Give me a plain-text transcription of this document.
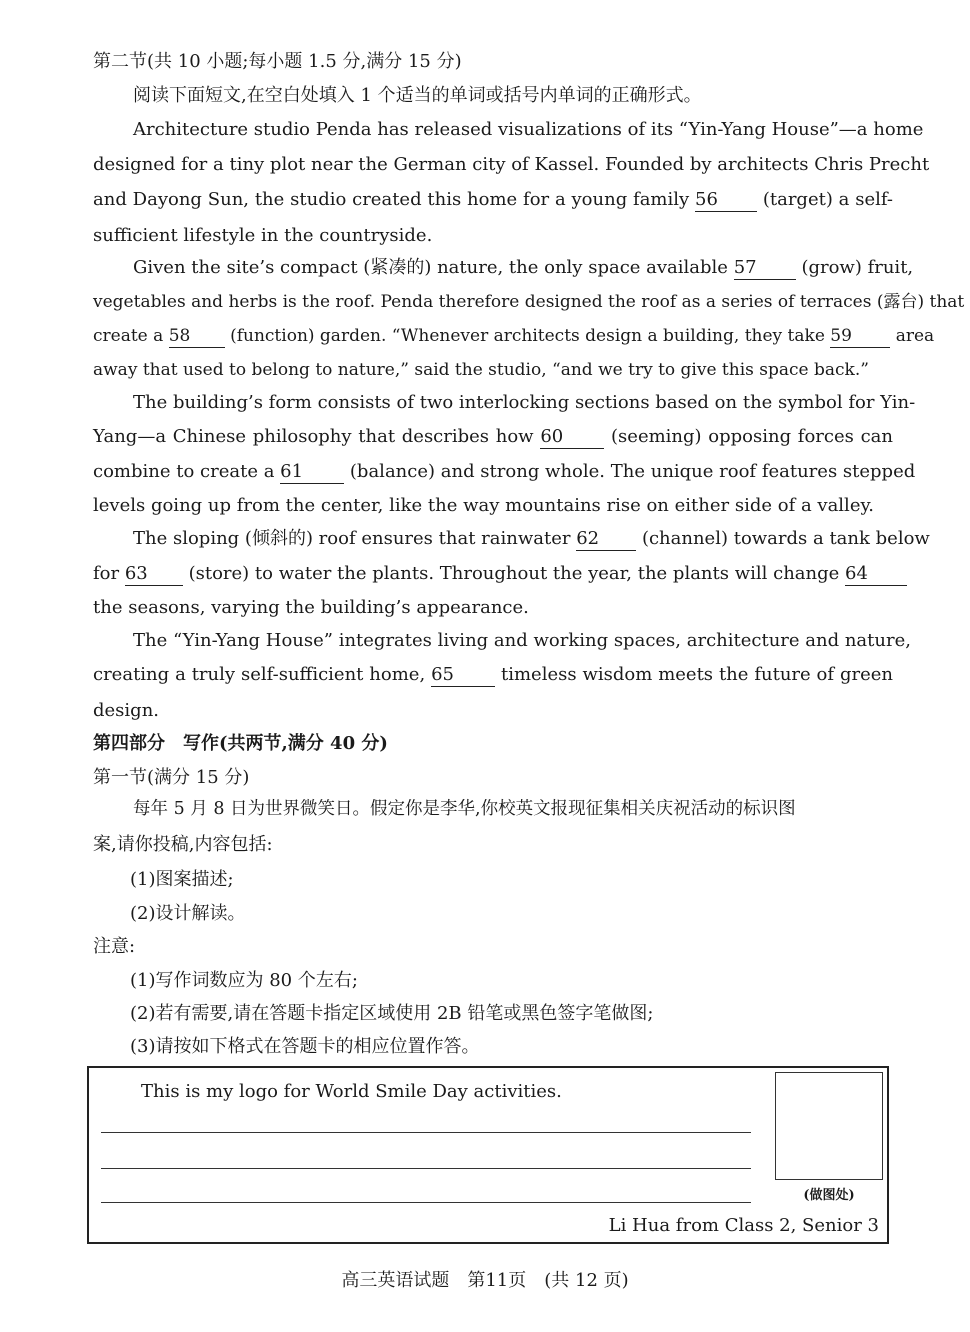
第二节(共 10 小题;每小题 1.5 分,满分 15 分)
阅读下面短文,在空白处填入 1 个适当的单词或括号内单词的正确形式。
Architecture studio Penda has released visualizations of its “Yin-Yang House”—a home
designed for a tiny plot near the German city of Kassel. Founded by architects Chris Precht
and Dayong Sun, the studio created this home for a young family 56 (target) a self-
sufficient lifestyle in the countryside.
Given the site’s compact (紧凑的) nature, the only space available 57 (grow) fruit,
vegetables and herbs is the roof. Penda therefore designed the roof as a series of terraces (露台) that
create a 58 (function) garden. “Whenever architects design a building, they take 59	area
away that used to belong to nature,” said the studio, “and we try to give this space back.”
The building’s form consists of two interlocking sections based on the symbol for Yin-
Yang—a Chinese philosophy that describes how 60	(seeming) opposing forces can
combine to create a 61	(balance) and strong whole. The unique roof features stepped
levels going up from the center, like the way mountains rise on either side of a valley.
The sloping (倾斜的) roof ensures that rainwater 62 (channel) towards a tank below
for 63 (store) to water the plants. Throughout the year, the plants will change 64
the seasons, varying the building’s appearance.
The “Yin-Yang House” integrates living and working spaces, architecture and nature,
creating a truly self-sufficient home, 65	timeless wisdom meets the future of green
design.
第四部分　写作(共两节,满分 40 分)
第一节(满分 15 分)
每年 5 月 8 日为世界微笑日。假定你是李华,你校英文报现征集相关庆祝活动的标识图
案,请你投稿,内容包括:
(1)图案描述;
(2)设计解读。
注意:
(1)写作词数应为 80 个左右;
(2)若有需要,请在答题卡指定区域使用 2B 铅笔或黑色签字笔做图;
(3)请按如下格式在答题卡的相应位置作答。
This is my logo for World Smile Day activities.
(做图处)
Li Hua from Class 2, Senior 3
高三英语试题　第11页　(共 12 页)
